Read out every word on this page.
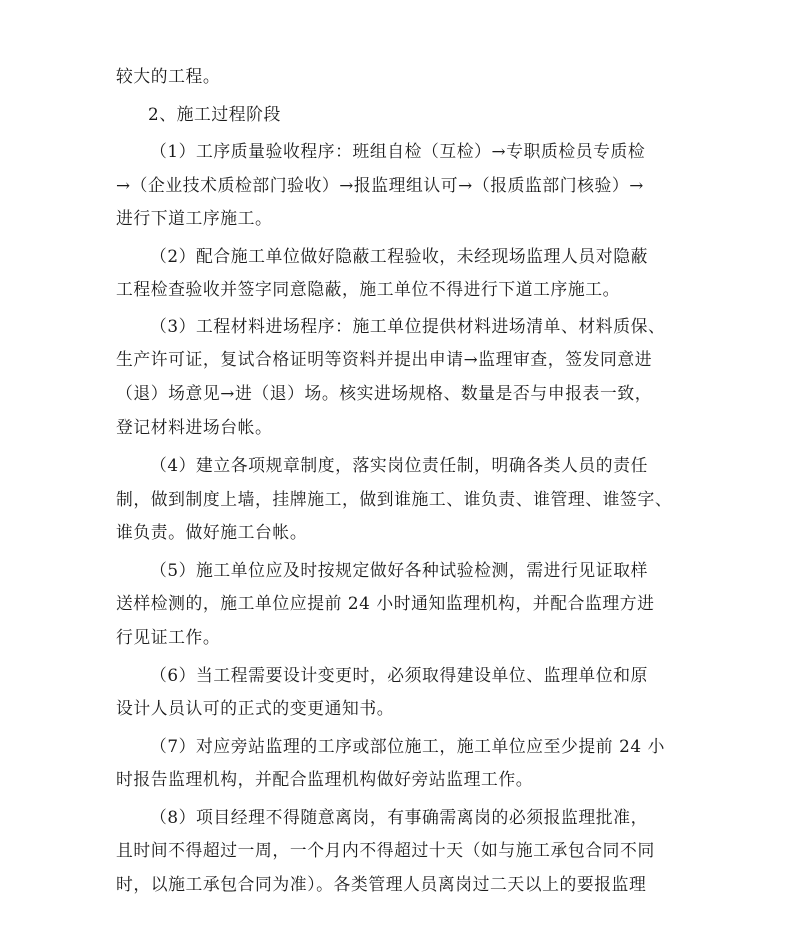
较大的工程。
2、施工过程阶段
（1）工序质量验收程序：班组自检（互检）→专职质检员专质检
→（企业技术质检部门验收）→报监理组认可→（报质监部门核验）→
进行下道工序施工。
（2）配合施工单位做好隐蔽工程验收，未经现场监理人员对隐蔽
工程检查验收并签字同意隐蔽，施工单位不得进行下道工序施工。
（3）工程材料进场程序：施工单位提供材料进场清单、材料质保、
生产许可证，复试合格证明等资料并提出申请→监理审查，签发同意进
（退）场意见→进（退）场。核实进场规格、数量是否与申报表一致，
登记材料进场台帐。
（4）建立各项规章制度，落实岗位责任制，明确各类人员的责任
制，做到制度上墙，挂牌施工，做到谁施工、谁负责、谁管理、谁签字、
谁负责。做好施工台帐。
（5）施工单位应及时按规定做好各种试验检测，需进行见证取样
送样检测的，施工单位应提前 24 小时通知监理机构，并配合监理方进
行见证工作。
（6）当工程需要设计变更时，必须取得建设单位、监理单位和原
设计人员认可的正式的变更通知书。
（7）对应旁站监理的工序或部位施工，施工单位应至少提前 24 小
时报告监理机构，并配合监理机构做好旁站监理工作。
（8）项目经理不得随意离岗，有事确需离岗的必须报监理批准，
且时间不得超过一周，一个月内不得超过十天（如与施工承包合同不同
时，以施工承包合同为准）。各类管理人员离岗过二天以上的要报监理
